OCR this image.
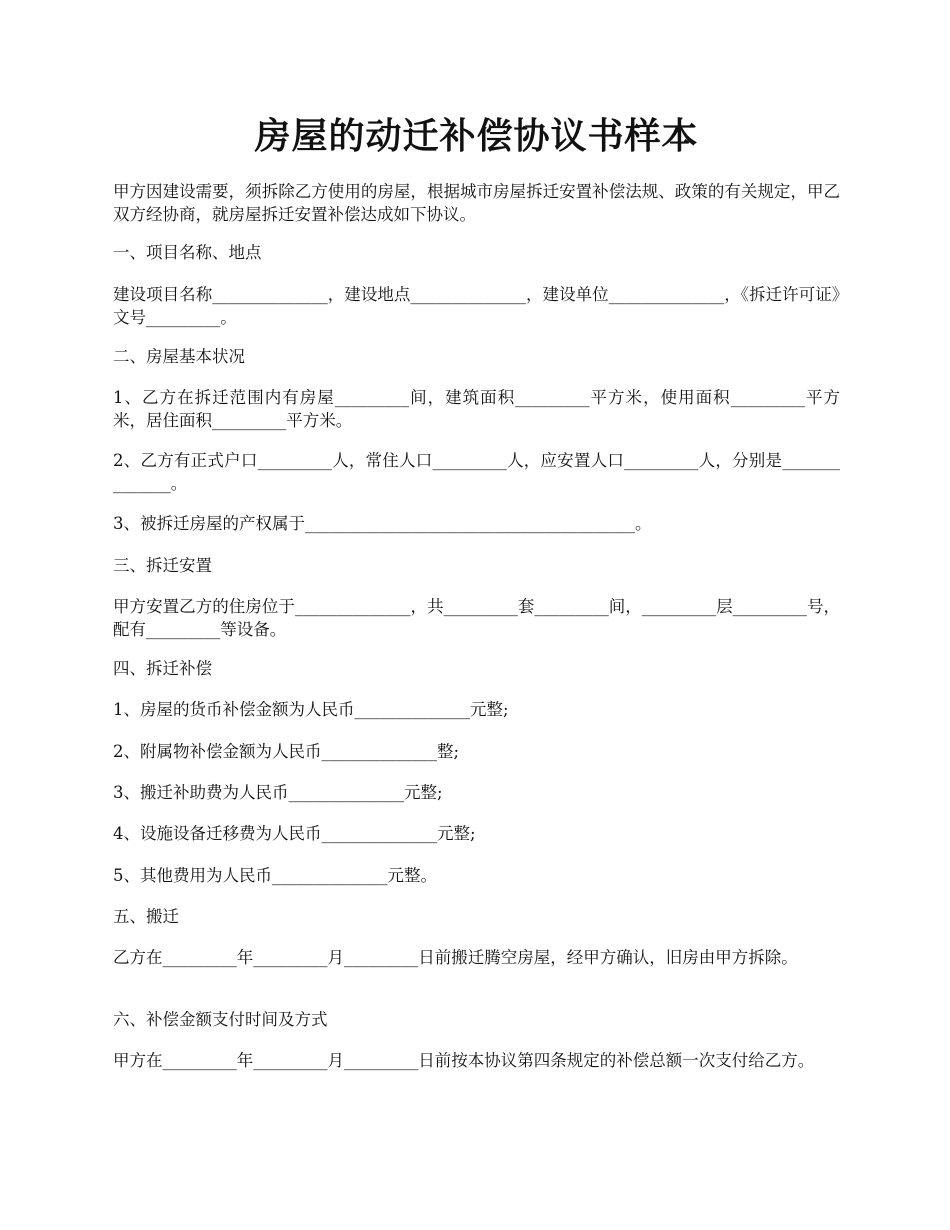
房屋的动迁补偿协议书样本

甲方因建设需要，须拆除乙方使用的房屋，根据城市房屋拆迁安置补偿法规、政策的有关规定，甲乙双方经协商，就房屋拆迁安置补偿达成如下协议。

一、项目名称、地点

建设项目名称______________，建设地点______________，建设单位______________，《拆迁许可证》文号_________。

二、房屋基本状况

1、乙方在拆迁范围内有房屋_________间，建筑面积_________平方米，使用面积_________平方米，居住面积_________平方米。

2、乙方有正式户口_________人，常住人口_________人，应安置人口_________人，分别是______________。

3、被拆迁房屋的产权属于________________________________________。

三、拆迁安置

甲方安置乙方的住房位于______________，共_________套_________间，_________层_________号，配有_________等设备。

四、拆迁补偿

1、房屋的货币补偿金额为人民币______________元整;

2、附属物补偿金额为人民币______________整;

3、搬迁补助费为人民币______________元整;

4、设施设备迁移费为人民币______________元整;

5、其他费用为人民币______________元整。

五、搬迁

乙方在_________年_________月_________日前搬迁腾空房屋，经甲方确认，旧房由甲方拆除。

六、补偿金额支付时间及方式

甲方在_________年_________月_________日前按本协议第四条规定的补偿总额一次支付给乙方。
